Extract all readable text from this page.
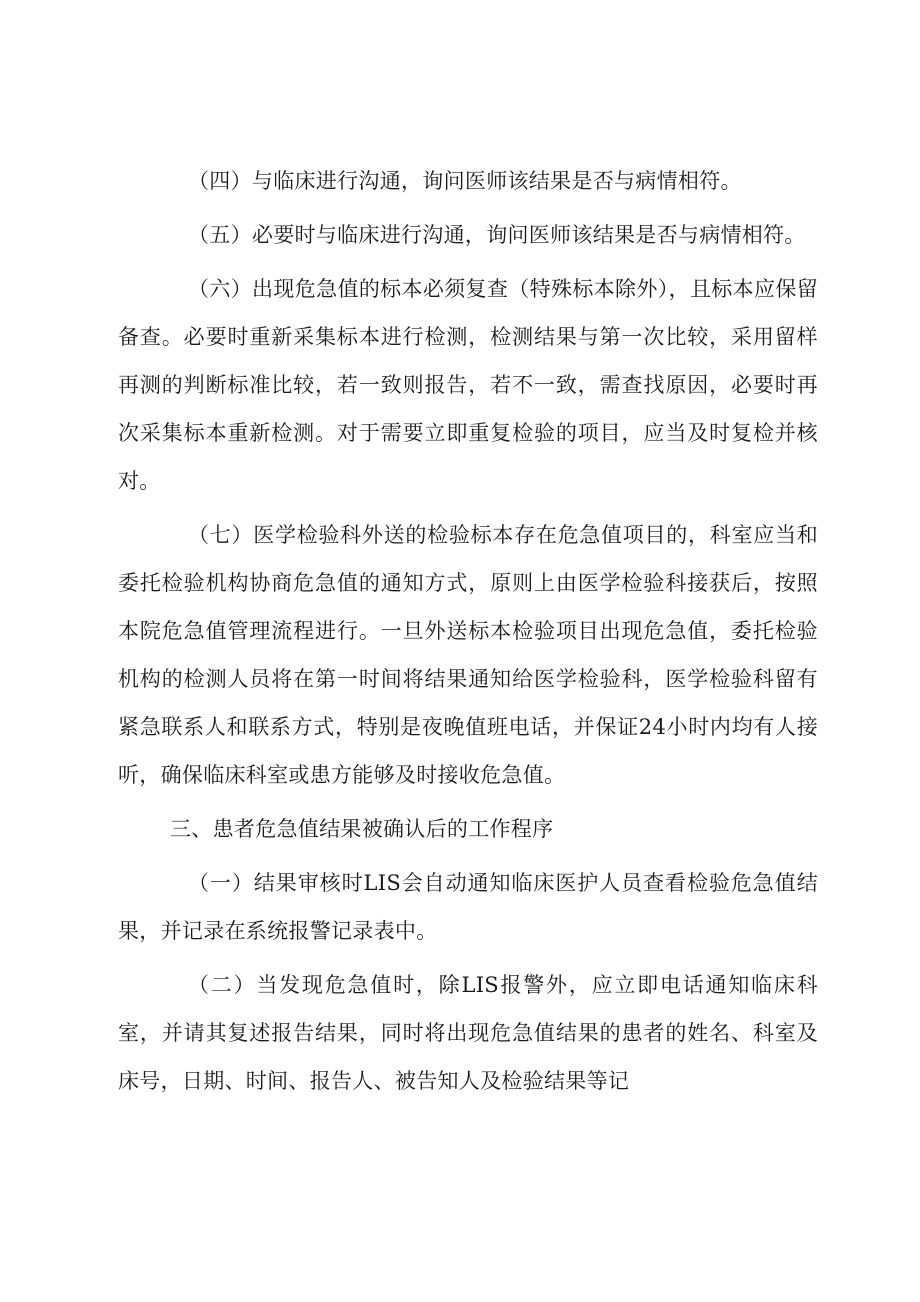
（四）与临床进行沟通，询问医师该结果是否与病情相符。

（五）必要时与临床进行沟通，询问医师该结果是否与病情相符。

（六）出现危急值的标本必须复查（特殊标本除外），且标本应保留备查。必要时重新采集标本进行检测，检测结果与第一次比较，采用留样再测的判断标准比较，若一致则报告，若不一致，需查找原因，必要时再次采集标本重新检测。对于需要立即重复检验的项目，应当及时复检并核对。

（七）医学检验科外送的检验标本存在危急值项目的，科室应当和委托检验机构协商危急值的通知方式，原则上由医学检验科接获后，按照本院危急值管理流程进行。一旦外送标本检验项目出现危急值，委托检验机构的检测人员将在第一时间将结果通知给医学检验科，医学检验科留有紧急联系人和联系方式，特别是夜晚值班电话，并保证24小时内均有人接听，确保临床科室或患方能够及时接收危急值。

三、患者危急值结果被确认后的工作程序

（一）结果审核时LIS会自动通知临床医护人员查看检验危急值结果，并记录在系统报警记录表中。

（二）当发现危急值时，除LIS报警外，应立即电话通知临床科室，并请其复述报告结果，同时将出现危急值结果的患者的姓名、科室及床号，日期、时间、报告人、被告知人及检验结果等记
